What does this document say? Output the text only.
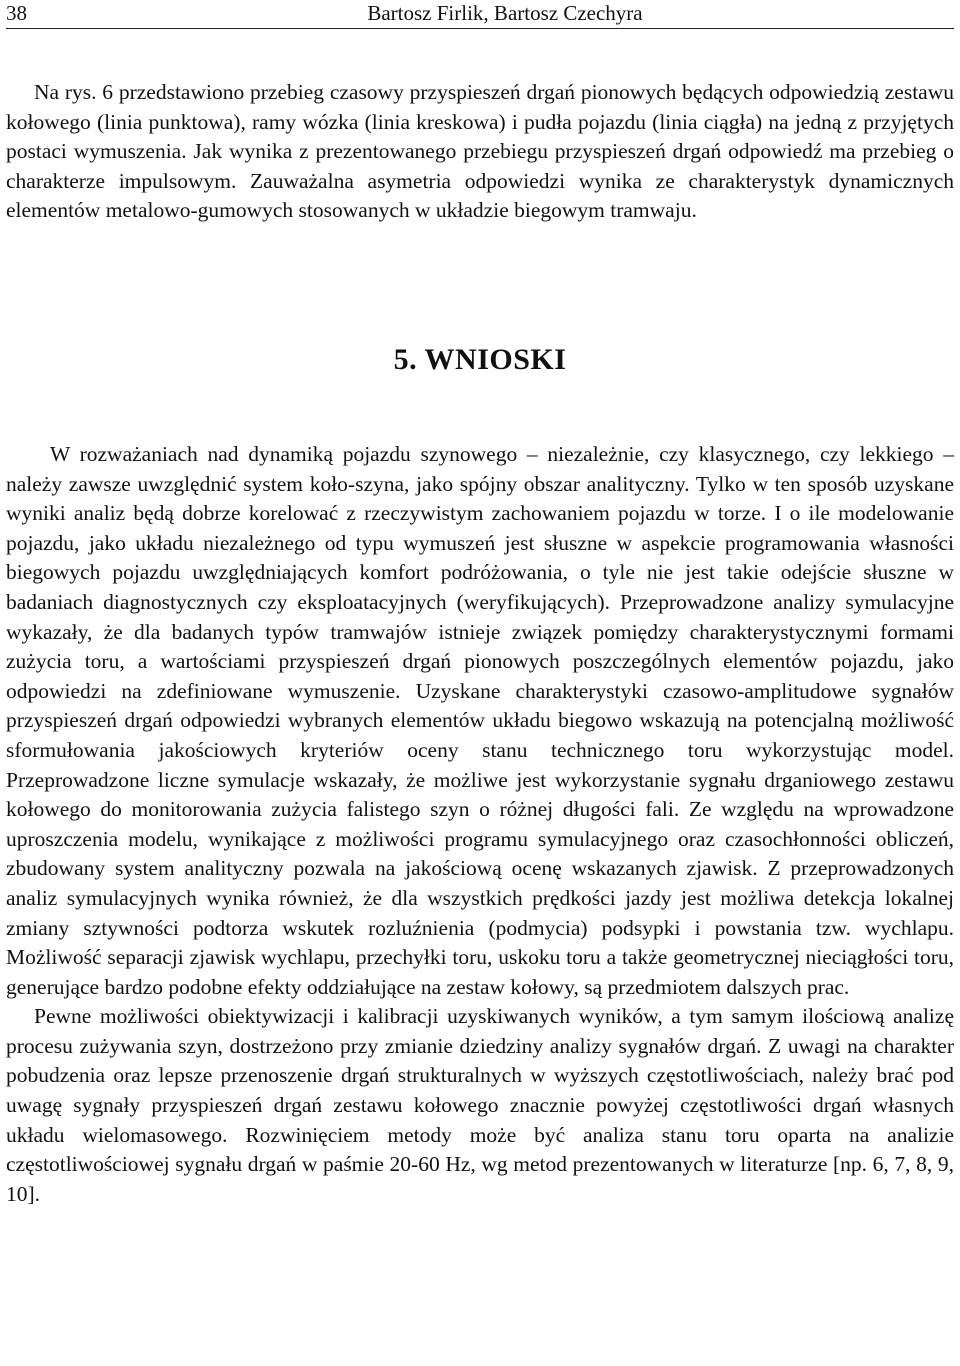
38	Bartosz Firlik, Bartosz Czechyra

Na rys. 6 przedstawiono przebieg czasowy przyspieszeń drgań pionowych będących odpowiedzią zestawu kołowego (linia punktowa), ramy wózka (linia kreskowa) i pudła pojazdu (linia ciągła) na jedną z przyjętych postaci wymuszenia. Jak wynika z prezentowanego przebiegu przyspieszeń drgań odpowiedź ma przebieg o charakterze impulsowym. Zauważalna asymetria odpowiedzi wynika ze charakterystyk dynamicznych elementów metalowo-gumowych stosowanych w układzie biegowym tramwaju.

5. WNIOSKI

W rozważaniach nad dynamiką pojazdu szynowego – niezależnie, czy klasycznego, czy lekkiego – należy zawsze uwzględnić system koło-szyna, jako spójny obszar analityczny. Tylko w ten sposób uzyskane wyniki analiz będą dobrze korelować z rzeczywistym zachowaniem pojazdu w torze. I o ile modelowanie pojazdu, jako układu niezależnego od typu wymuszeń jest słuszne w aspekcie programowania własności biegowych pojazdu uwzględniających komfort podróżowania, o tyle nie jest takie odejście słuszne w badaniach diagnostycznych czy eksploatacyjnych (weryfikujących). Przeprowadzone analizy symulacyjne wykazały, że dla badanych typów tramwajów istnieje związek pomiędzy charakterystycznymi formami zużycia toru, a wartościami przyspieszeń drgań pionowych poszczególnych elementów pojazdu, jako odpowiedzi na zdefiniowane wymuszenie. Uzyskane charakterystyki czasowo-amplitudowe sygnałów przyspieszeń drgań odpowiedzi wybranych elementów układu biegowo wskazują na potencjalną możliwość sformułowania jakościowych kryteriów oceny stanu technicznego toru wykorzystując model. Przeprowadzone liczne symulacje wskazały, że możliwe jest wykorzystanie sygnału drganiowego zestawu kołowego do monitorowania zużycia falistego szyn o różnej długości fali. Ze względu na wprowadzone uproszczenia modelu, wynikające z możliwości programu symulacyjnego oraz czasochłonności obliczeń, zbudowany system analityczny pozwala na jakościową ocenę wskazanych zjawisk. Z przeprowadzonych analiz symulacyjnych wynika również, że dla wszystkich prędkości jazdy jest możliwa detekcja lokalnej zmiany sztywności podtorza wskutek rozluźnienia (podmycia) podsypki i powstania tzw. wychlapu. Możliwość separacji zjawisk wychlapu, przechyłki toru, uskoku toru a także geometrycznej nieciągłości toru, generujące bardzo podobne efekty oddziałujące na zestaw kołowy, są przedmiotem dalszych prac.

Pewne możliwości obiektywizacji i kalibracji uzyskiwanych wyników, a tym samym ilościową analizę procesu zużywania szyn, dostrzeżono przy zmianie dziedziny analizy sygnałów drgań. Z uwagi na charakter pobudzenia oraz lepsze przenoszenie drgań strukturalnych w wyższych częstotliwościach, należy brać pod uwagę sygnały przyspieszeń drgań zestawu kołowego znacznie powyżej częstotliwości drgań własnych układu wielomasowego. Rozwinięciem metody może być analiza stanu toru oparta na analizie częstotliwościowej sygnału drgań w paśmie 20-60 Hz, wg metod prezentowanych w literaturze [np. 6, 7, 8, 9, 10].
